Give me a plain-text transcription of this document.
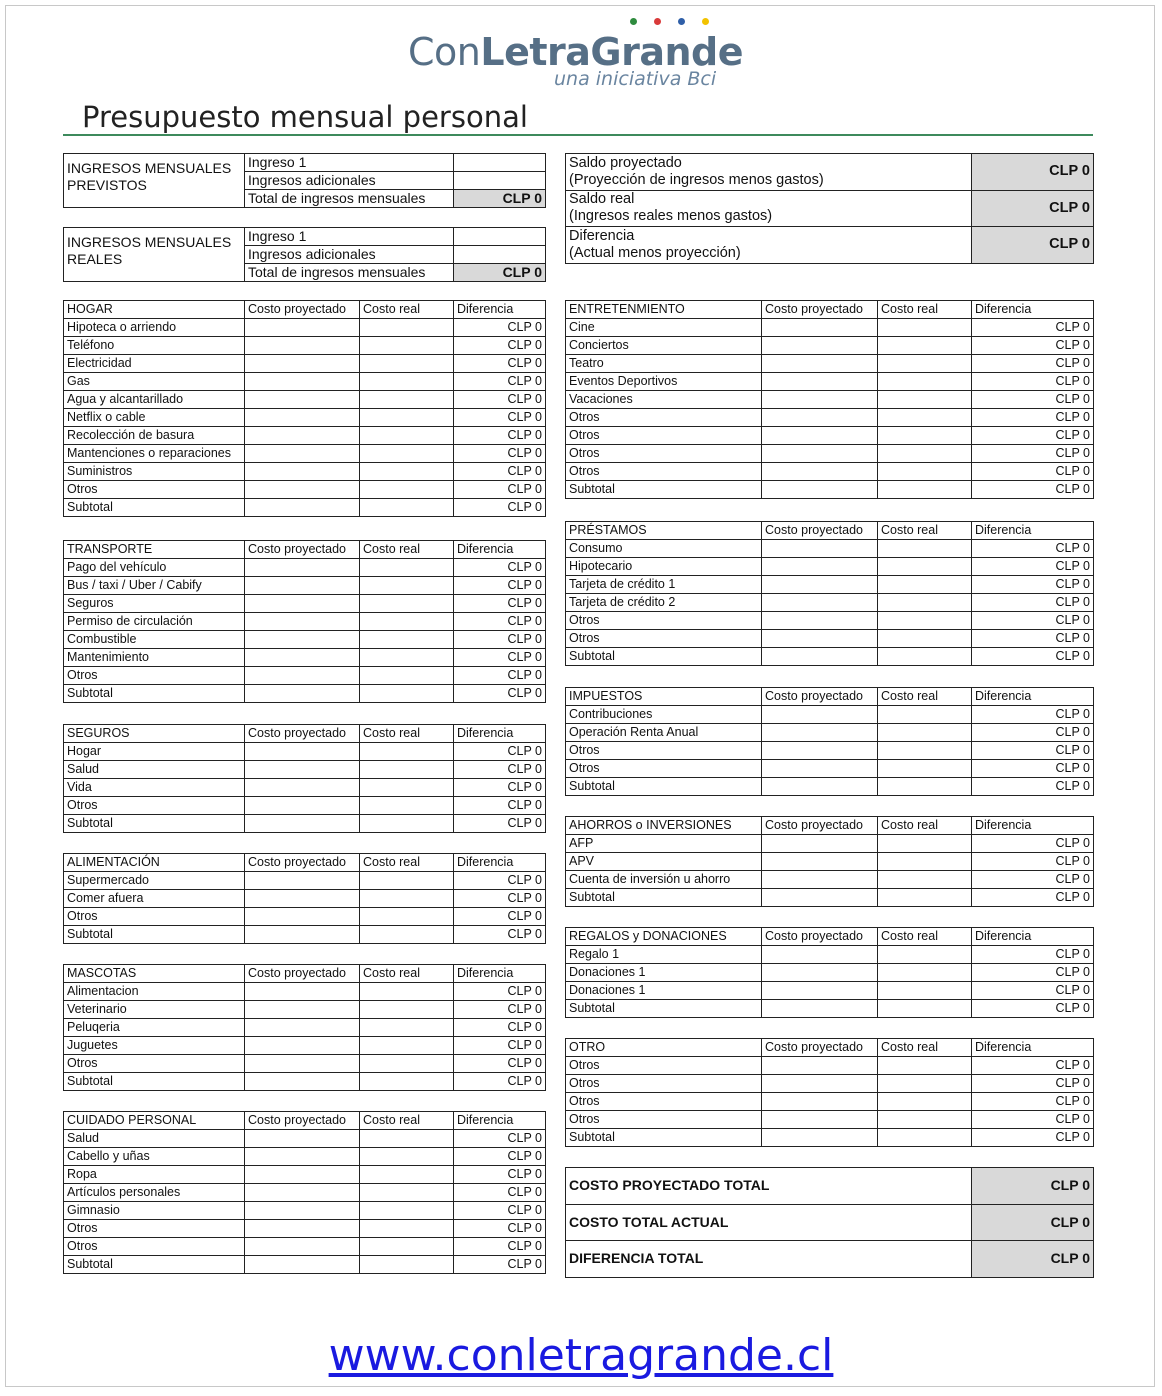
ConLetraGrande
una iniciativa Bci
Presupuesto mensual personal
INGRESOS MENSUALES PREVISTOS	Ingreso 1	
	Ingresos adicionales	
	Total de ingresos mensuales	CLP 0
INGRESOS MENSUALES REALES	Ingreso 1	
	Ingresos adicionales	
	Total de ingresos mensuales	CLP 0
Saldo proyectado
(Proyección de ingresos menos gastos)	CLP 0
Saldo real
(Ingresos reales menos gastos)	CLP 0
Diferencia
(Actual menos proyección)	CLP 0
HOGAR	Costo proyectado	Costo real	Diferencia
Hipoteca o arriendo			CLP 0
Teléfono			CLP 0
Electricidad			CLP 0
Gas			CLP 0
Agua y alcantarillado			CLP 0
Netflix o cable			CLP 0
Recolección de basura			CLP 0
Mantenciones o reparaciones			CLP 0
Suministros			CLP 0
Otros			CLP 0
Subtotal			CLP 0
TRANSPORTE	Costo proyectado	Costo real	Diferencia
Pago del vehículo			CLP 0
Bus / taxi / Uber / Cabify			CLP 0
Seguros			CLP 0
Permiso de circulación			CLP 0
Combustible			CLP 0
Mantenimiento			CLP 0
Otros			CLP 0
Subtotal			CLP 0
SEGUROS	Costo proyectado	Costo real	Diferencia
Hogar			CLP 0
Salud			CLP 0
Vida			CLP 0
Otros			CLP 0
Subtotal			CLP 0
ALIMENTACIÓN	Costo proyectado	Costo real	Diferencia
Supermercado			CLP 0
Comer afuera			CLP 0
Otros			CLP 0
Subtotal			CLP 0
MASCOTAS	Costo proyectado	Costo real	Diferencia
Alimentacion			CLP 0
Veterinario			CLP 0
Peluqeria			CLP 0
Juguetes			CLP 0
Otros			CLP 0
Subtotal			CLP 0
CUIDADO PERSONAL	Costo proyectado	Costo real	Diferencia
Salud			CLP 0
Cabello y uñas			CLP 0
Ropa			CLP 0
Artículos personales			CLP 0
Gimnasio			CLP 0
Otros			CLP 0
Otros			CLP 0
Subtotal			CLP 0
ENTRETENMIENTO	Costo proyectado	Costo real	Diferencia
Cine			CLP 0
Conciertos			CLP 0
Teatro			CLP 0
Eventos Deportivos			CLP 0
Vacaciones			CLP 0
Otros			CLP 0
Otros			CLP 0
Otros			CLP 0
Otros			CLP 0
Subtotal			CLP 0
PRÉSTAMOS	Costo proyectado	Costo real	Diferencia
Consumo			CLP 0
Hipotecario			CLP 0
Tarjeta de crédito 1			CLP 0
Tarjeta de crédito 2			CLP 0
Otros			CLP 0
Otros			CLP 0
Subtotal			CLP 0
IMPUESTOS	Costo proyectado	Costo real	Diferencia
Contribuciones			CLP 0
Operación Renta Anual			CLP 0
Otros			CLP 0
Otros			CLP 0
Subtotal			CLP 0
AHORROS o INVERSIONES	Costo proyectado	Costo real	Diferencia
AFP			CLP 0
APV			CLP 0
Cuenta de inversión u ahorro			CLP 0
Subtotal			CLP 0
REGALOS y DONACIONES	Costo proyectado	Costo real	Diferencia
Regalo 1			CLP 0
Donaciones 1			CLP 0
Donaciones 1			CLP 0
Subtotal			CLP 0
OTRO	Costo proyectado	Costo real	Diferencia
Otros			CLP 0
Otros			CLP 0
Otros			CLP 0
Otros			CLP 0
Subtotal			CLP 0
COSTO PROYECTADO TOTAL	CLP 0
COSTO TOTAL ACTUAL	CLP 0
DIFERENCIA TOTAL	CLP 0
www.conletragrande.cl
